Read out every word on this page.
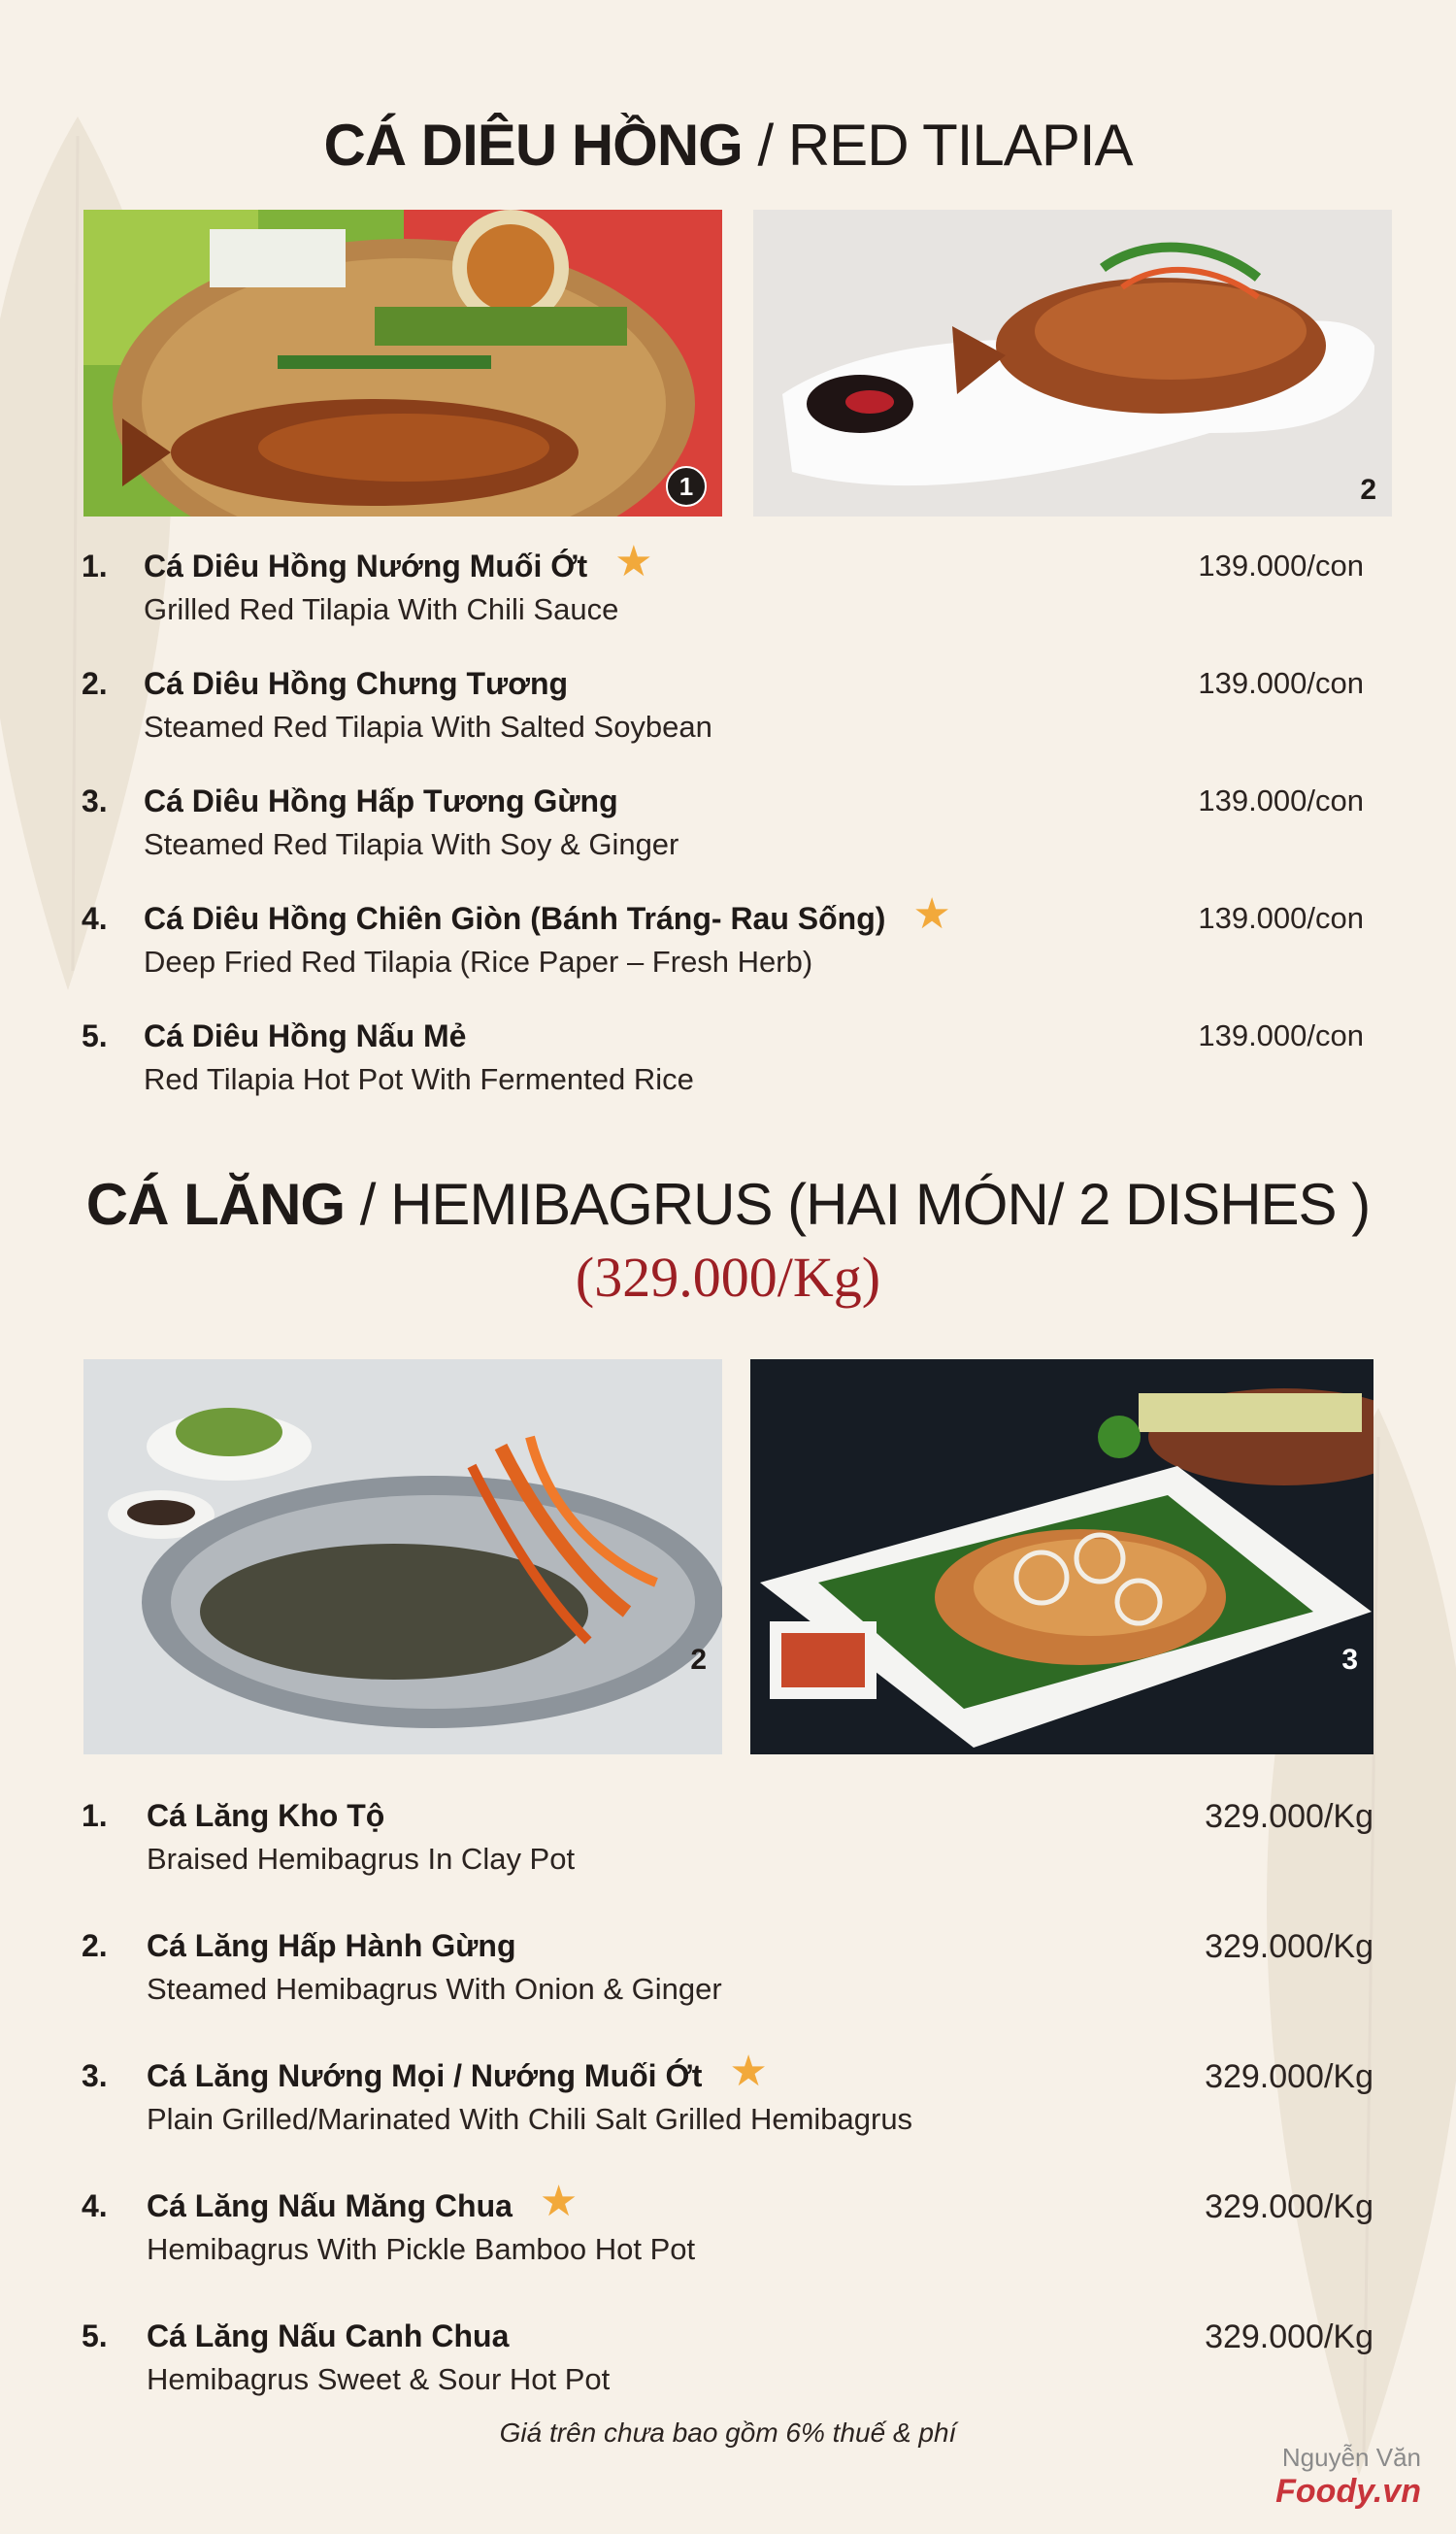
CÁ DIÊU HỒNG / RED TILAPIA
1	2
1. Cá Diêu Hồng Nướng Muối Ớt
Grilled Red Tilapia With Chili Sauce
139.000/con
★
2. Cá Diêu Hồng Chưng Tương
Steamed Red Tilapia With Salted Soybean
139.000/con
3. Cá Diêu Hồng Hấp Tương Gừng
Steamed Red Tilapia With Soy & Ginger
139.000/con
4. Cá Diêu Hồng Chiên Giòn (Bánh Tráng- Rau Sống)
Deep Fried Red Tilapia (Rice Paper – Fresh Herb)
139.000/con
★
5. Cá Diêu Hồng Nấu Mẻ
Red Tilapia Hot Pot With Fermented Rice
139.000/con
CÁ LĂNG / HEMIBAGRUS (HAI MÓN/ 2 DISHES )
(329.000/Kg)
2	3
1. Cá Lăng Kho Tộ
Braised Hemibagrus In Clay Pot
329.000/Kg
2. Cá Lăng Hấp Hành Gừng
Steamed Hemibagrus With Onion & Ginger
329.000/Kg
3. Cá Lăng Nướng Mọi / Nướng Muối Ớt
Plain Grilled/Marinated With Chili Salt Grilled Hemibagrus
329.000/Kg
★
4. Cá Lăng Nấu Măng Chua
Hemibagrus With Pickle Bamboo Hot Pot
329.000/Kg
★
5. Cá Lăng Nấu Canh Chua
Hemibagrus Sweet & Sour Hot Pot
329.000/Kg
Giá trên chưa bao gồm 6% thuế & phí
Nguyễn Văn
Foody.vn
